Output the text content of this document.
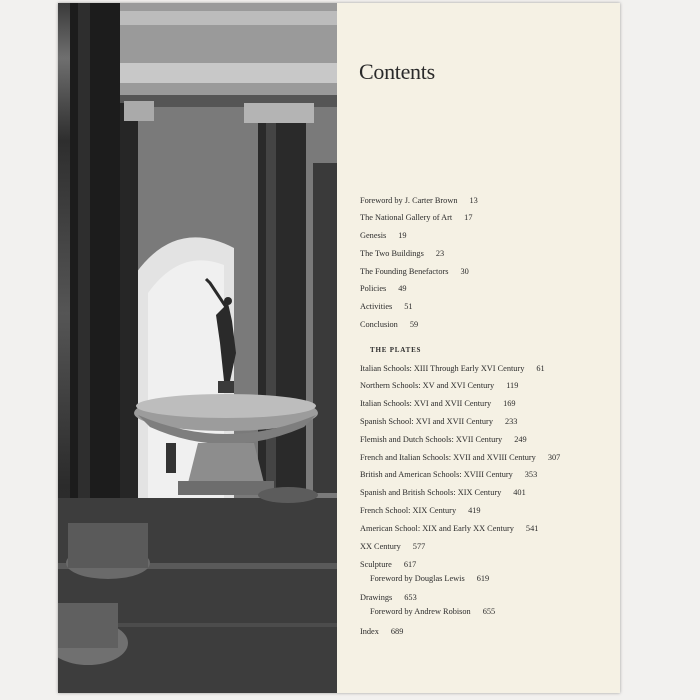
Contents
Foreword by J. Carter Brown 13
The National Gallery of Art 17
Genesis 19
The Two Buildings 23
The Founding Benefactors 30
Policies 49
Activities 51
Conclusion 59
THE PLATES
Italian Schools: XIII Through Early XVI Century 61
Northern Schools: XV and XVI Century 119
Italian Schools: XVI and XVII Century 169
Spanish School: XVI and XVII Century 233
Flemish and Dutch Schools: XVII Century 249
French and Italian Schools: XVII and XVIII Century 307
British and American Schools: XVIII Century 353
Spanish and British Schools: XIX Century 401
French School: XIX Century 419
American School: XIX and Early XX Century 541
XX Century 577
Sculpture 617
Foreword by Douglas Lewis 619
Drawings 653
Foreword by Andrew Robison 655
Index 689
